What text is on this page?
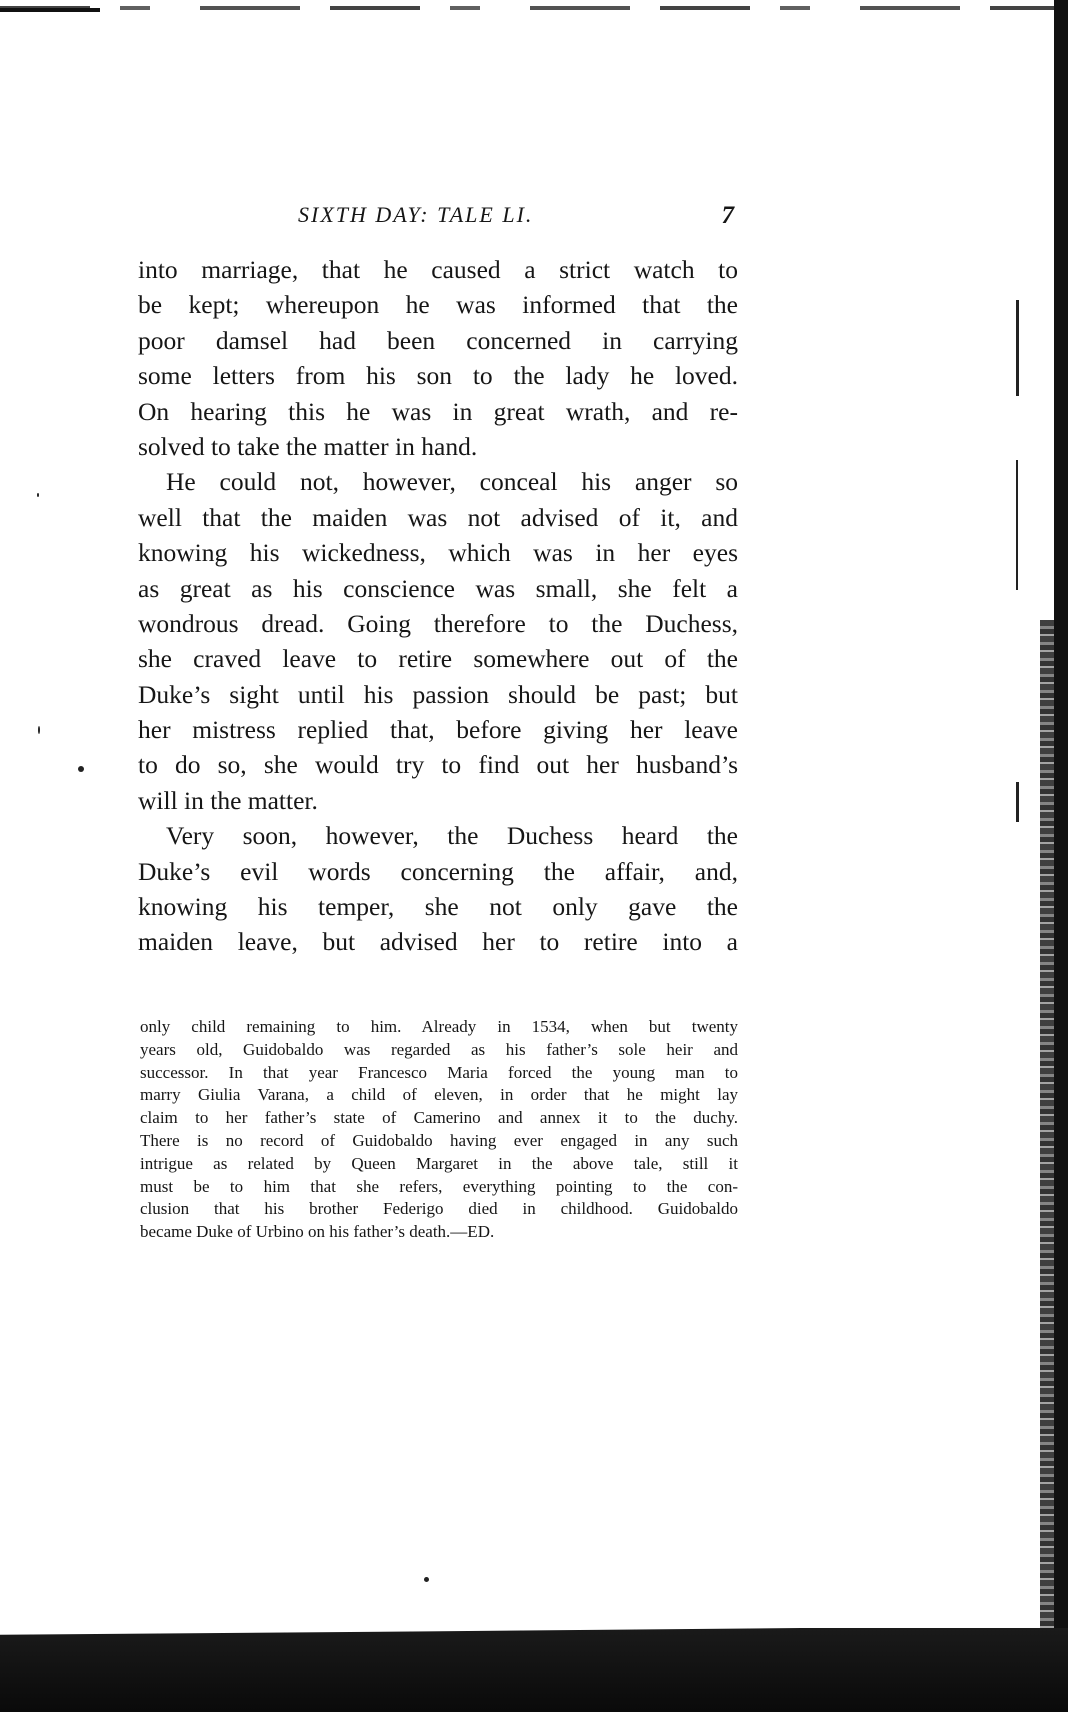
SIXTH DAY: TALE LI.	7
into marriage, that he caused a strict watch to
be kept; whereupon he was informed that the
poor damsel had been concerned in carrying
some letters from his son to the lady he loved.
On hearing this he was in great wrath, and re-
solved to take the matter in hand.
He could not, however, conceal his anger so
well that the maiden was not advised of it, and
knowing his wickedness, which was in her eyes
as great as his conscience was small, she felt a
wondrous dread. Going therefore to the Duchess,
she craved leave to retire somewhere out of the
Duke’s sight until his passion should be past; but
her mistress replied that, before giving her leave
to do so, she would try to find out her husband’s
will in the matter.
Very soon, however, the Duchess heard the
Duke’s evil words concerning the affair, and,
knowing his temper, she not only gave the
maiden leave, but advised her to retire into a
only child remaining to him. Already in 1534, when but twenty
years old, Guidobaldo was regarded as his father’s sole heir and
successor. In that year Francesco Maria forced the young man to
marry Giulia Varana, a child of eleven, in order that he might lay
claim to her father’s state of Camerino and annex it to the duchy.
There is no record of Guidobaldo having ever engaged in any such
intrigue as related by Queen Margaret in the above tale, still it
must be to him that she refers, everything pointing to the con-
clusion that his brother Federigo died in childhood. Guidobaldo
became Duke of Urbino on his father’s death.—ED.
